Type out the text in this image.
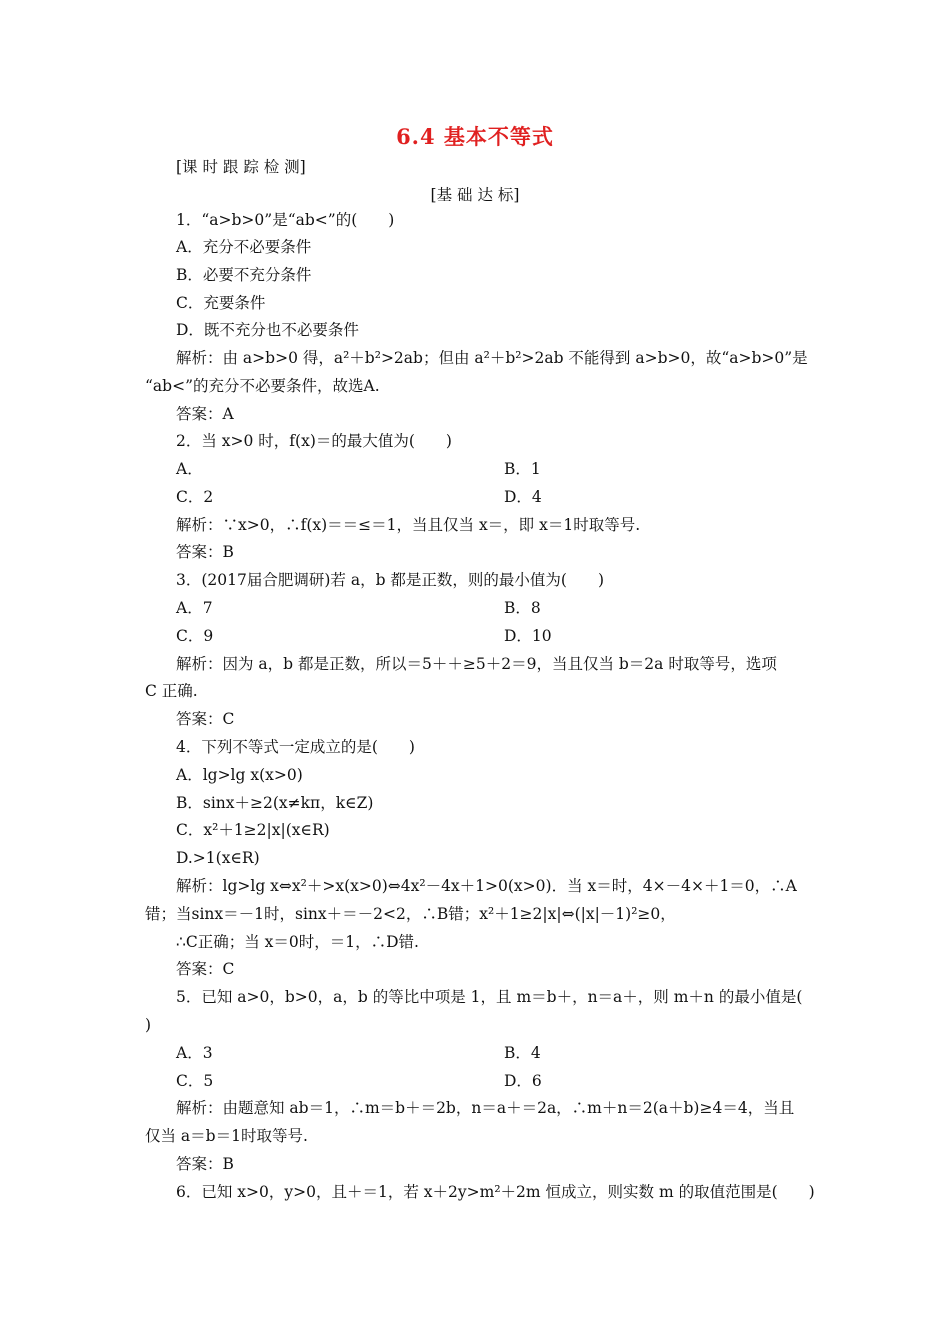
6.4 基本不等式
[课 时 跟 踪 检 测]
[基 础 达 标]
1．“a>b>0”是“ab<”的(　　)
A．充分不必要条件
B．必要不充分条件
C．充要条件
D．既不充分也不必要条件
解析：由 a>b>0 得，a²＋b²>2ab；但由 a²＋b²>2ab 不能得到 a>b>0，故“a>b>0”是
“ab<”的充分不必要条件，故选A.
答案：A
2．当 x>0 时，f(x)＝的最大值为(　　)
A．	B．1
C．2	D．4
解析：∵x>0，∴f(x)＝＝≤＝1，当且仅当 x＝，即 x＝1时取等号.
答案：B
3．(2017届合肥调研)若 a，b 都是正数，则的最小值为(　　)
A．7	B．8
C．9	D．10
解析：因为 a，b 都是正数，所以＝5＋＋≥5＋2＝9，当且仅当 b＝2a 时取等号，选项
C 正确.
答案：C
4．下列不等式一定成立的是(　　)
A．lg>lg x(x>0)
B．sinx＋≥2(x≠kπ，k∈Z)
C．x²＋1≥2|x|(x∈R)
D.>1(x∈R)
解析：lg>lg x⇔x²＋>x(x>0)⇔4x²－4x＋1>0(x>0)．当 x＝时，4×－4×＋1＝0，∴A
错；当sinx＝－1时，sinx＋＝－2<2，∴B错；x²＋1≥2|x|⇔(|x|－1)²≥0，
∴C正确；当 x＝0时，＝1，∴D错.
答案：C
5．已知 a>0，b>0，a，b 的等比中项是 1，且 m＝b＋，n＝a＋，则 m＋n 的最小值是(
)
A．3	B．4
C．5	D．6
解析：由题意知 ab＝1，∴m＝b＋＝2b，n＝a＋＝2a，∴m＋n＝2(a＋b)≥4＝4，当且
仅当 a＝b＝1时取等号.
答案：B
6．已知 x>0，y>0，且＋＝1，若 x＋2y>m²＋2m 恒成立，则实数 m 的取值范围是(　　)
